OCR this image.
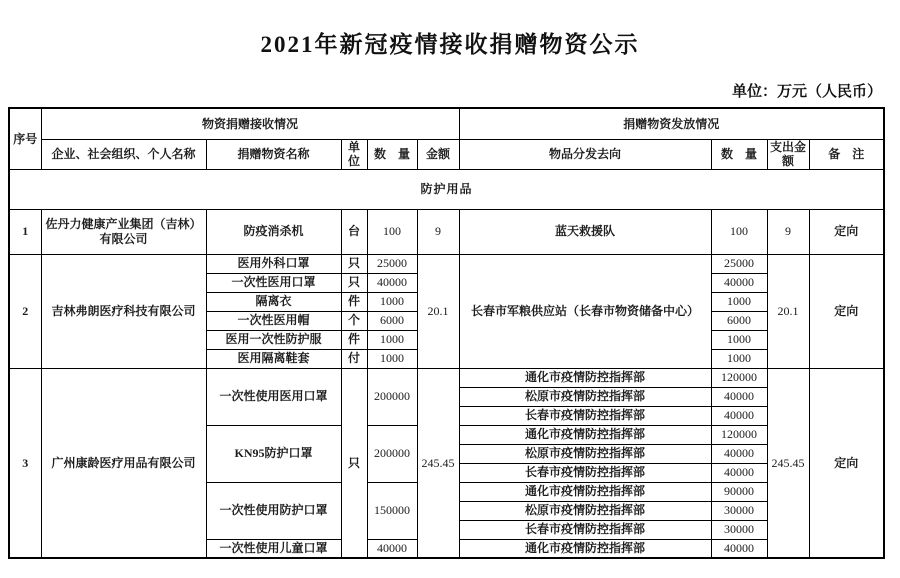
2021年新冠疫情接收捐赠物资公示
单位：万元（人民币）
序号	物资捐赠接收情况					捐赠物资发放情况			
	企业、社会组织、个人名称	捐赠物资名称	单位	数　量	金额	物品分发去向	数　量	支出金额	备　注
防护用品									
1	佐丹力健康产业集团（吉林）有限公司	防疫消杀机	台	100	9	蓝天救援队	100	9	定向
2	吉林弗朗医疗科技有限公司	医用外科口罩	只	25000	20.1	长春市军粮供应站（长春市物资储备中心）	25000	20.1	定向
		一次性医用口罩	只	40000			40000		
		隔离衣	件	1000			1000		
		一次性医用帽	个	6000			6000		
		医用一次性防护服	件	1000			1000		
		医用隔离鞋套	付	1000			1000		
3	广州康龄医疗用品有限公司	一次性使用医用口罩	只	200000	245.45	通化市疫情防控指挥部	120000	245.45	定向
						松原市疫情防控指挥部	40000		
						长春市疫情防控指挥部	40000		
		KN95防护口罩		200000		通化市疫情防控指挥部	120000		
						松原市疫情防控指挥部	40000		
						长春市疫情防控指挥部	40000		
		一次性使用防护口罩		150000		通化市疫情防控指挥部	90000		
						松原市疫情防控指挥部	30000		
						长春市疫情防控指挥部	30000		
		一次性使用儿童口罩		40000		通化市疫情防控指挥部	40000		
